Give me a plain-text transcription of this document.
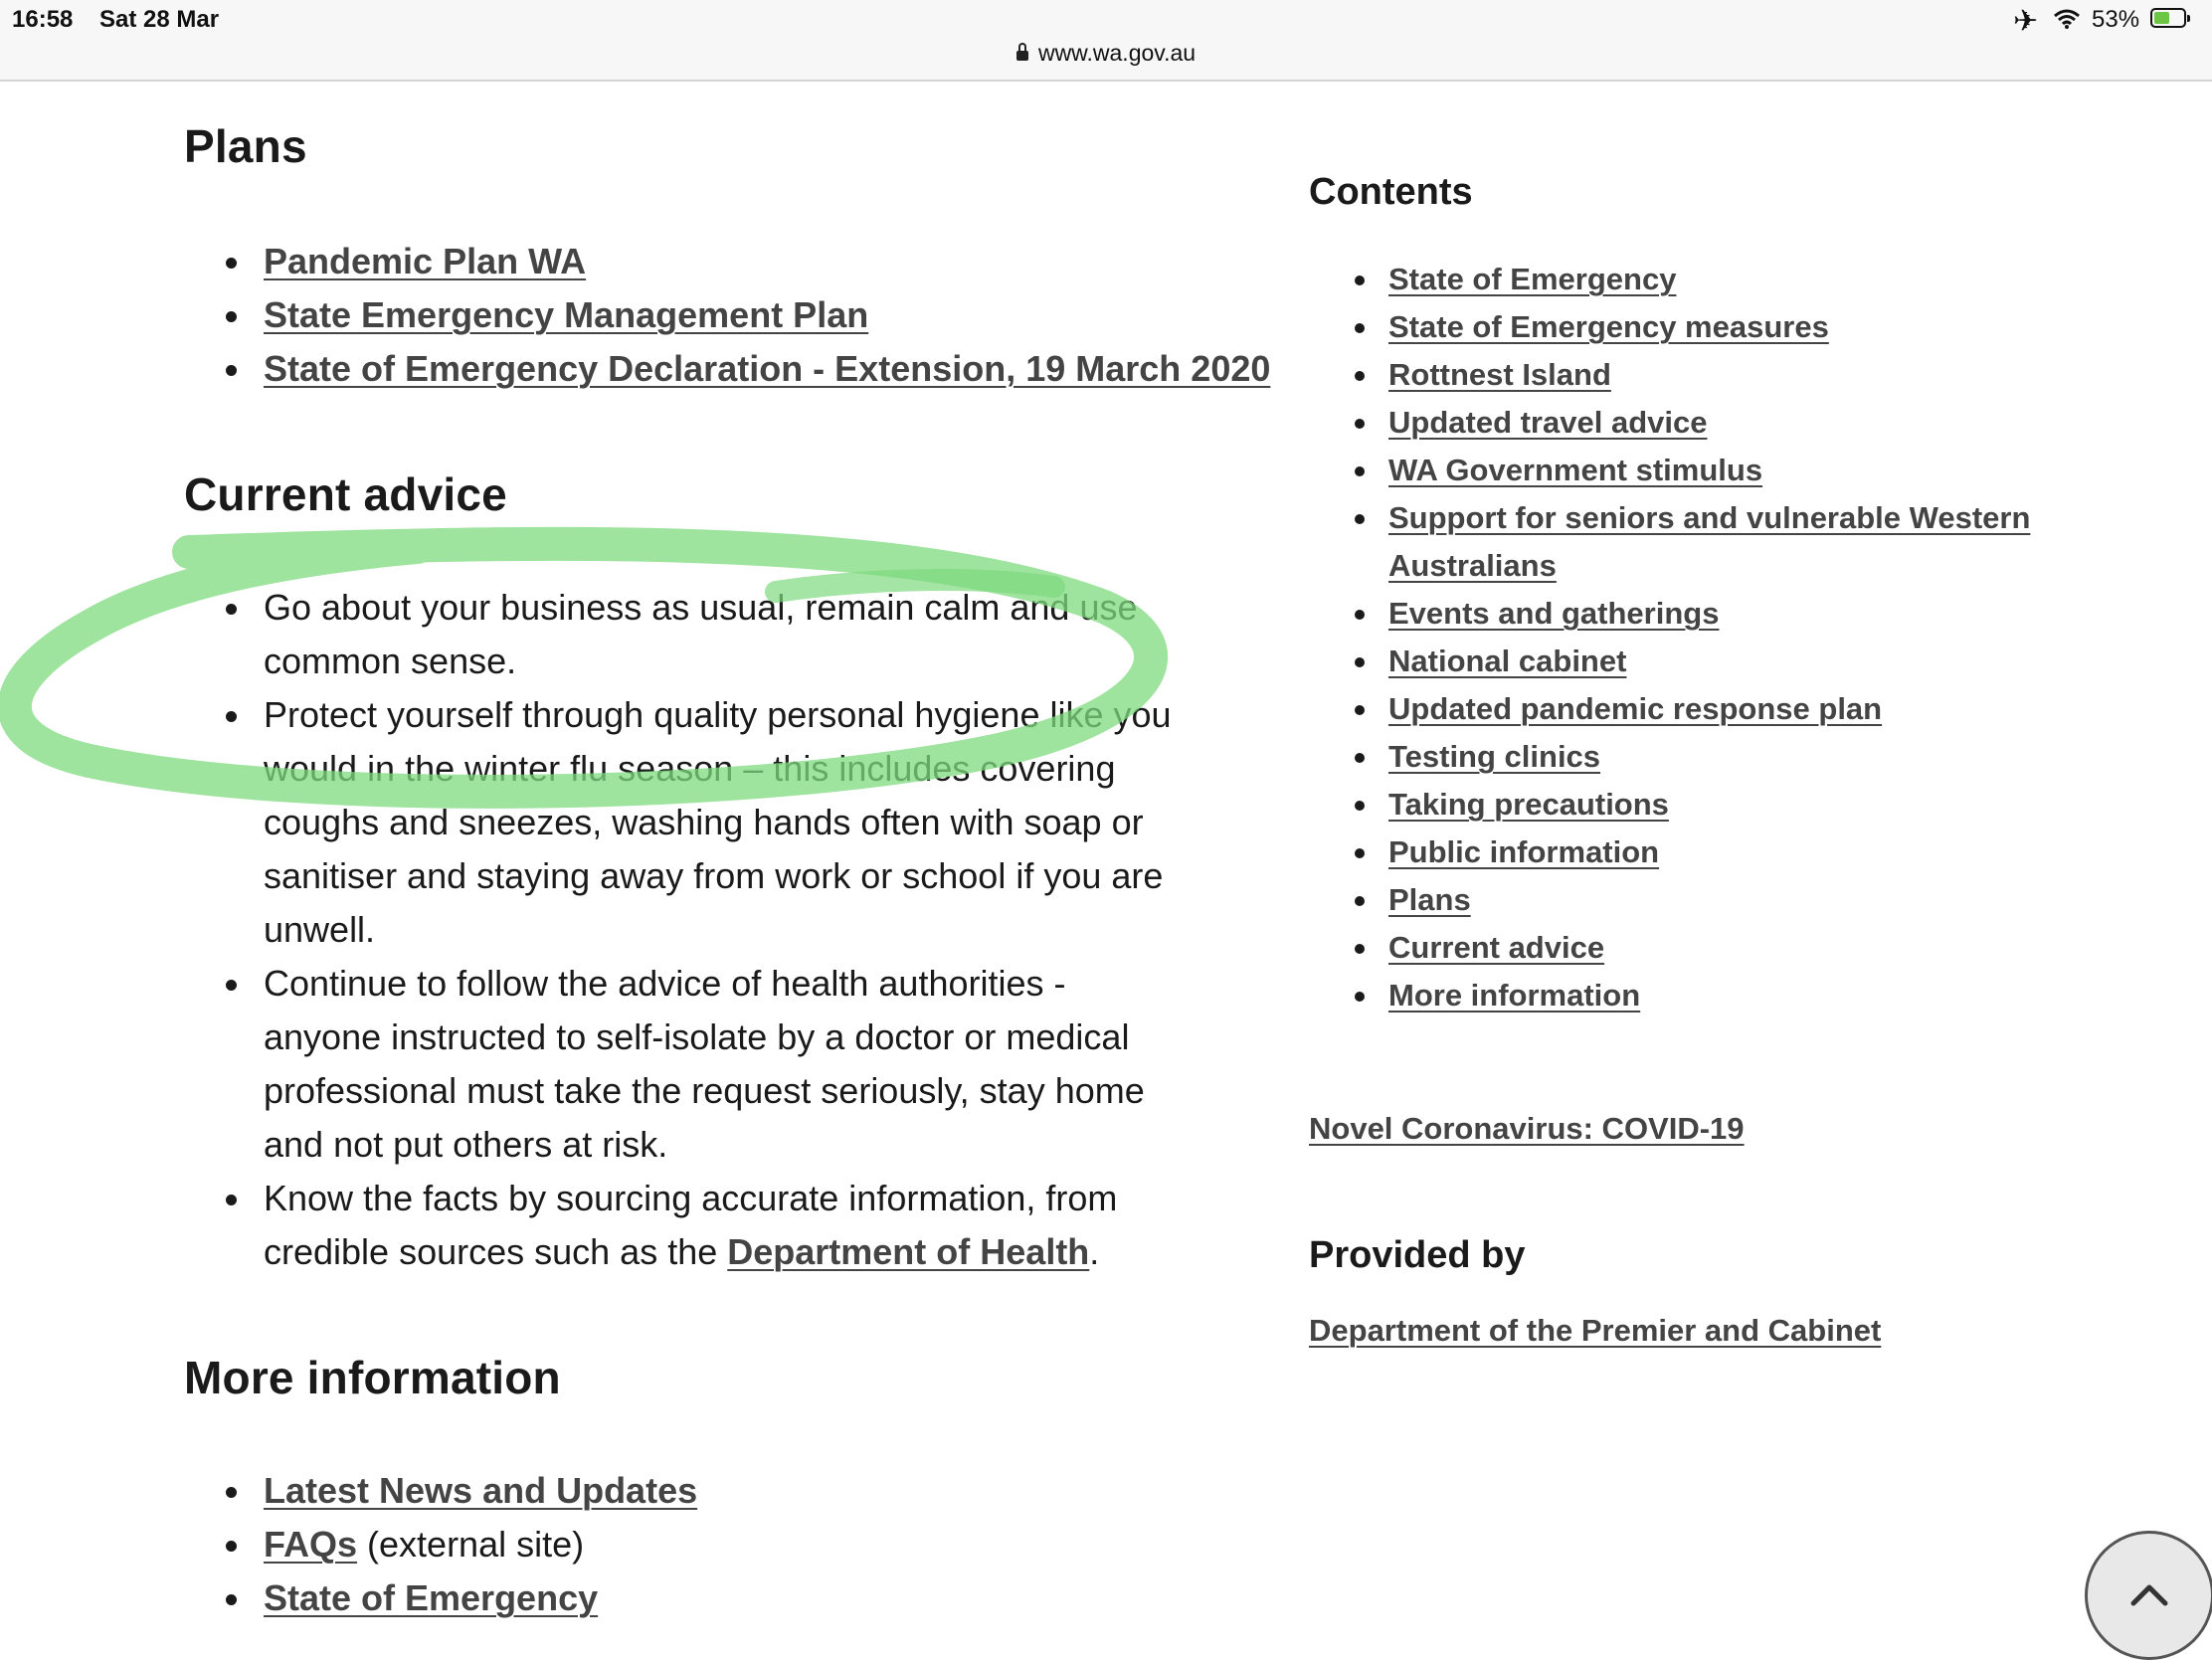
16:58 Sat 28 Mar	✈ 53%
www.wa.gov.au
Plans
Pandemic Plan WA
State Emergency Management Plan
State of Emergency Declaration - Extension, 19 March 2020
Current advice
Go about your business as usual, remain calm and use common sense.
Protect yourself through quality personal hygiene like you would in the winter flu season – this includes covering coughs and sneezes, washing hands often with soap or sanitiser and staying away from work or school if you are unwell.
Continue to follow the advice of health authorities - anyone instructed to self-isolate by a doctor or medical professional must take the request seriously, stay home and not put others at risk.
Know the facts by sourcing accurate information, from credible sources such as the Department of Health.
More information
Latest News and Updates
FAQs (external site)
State of Emergency
Contents
State of Emergency
State of Emergency measures
Rottnest Island
Updated travel advice
WA Government stimulus
Support for seniors and vulnerable Western Australians
Events and gatherings
National cabinet
Updated pandemic response plan
Testing clinics
Taking precautions
Public information
Plans
Current advice
More information
Novel Coronavirus: COVID-19
Provided by
Department of the Premier and Cabinet
